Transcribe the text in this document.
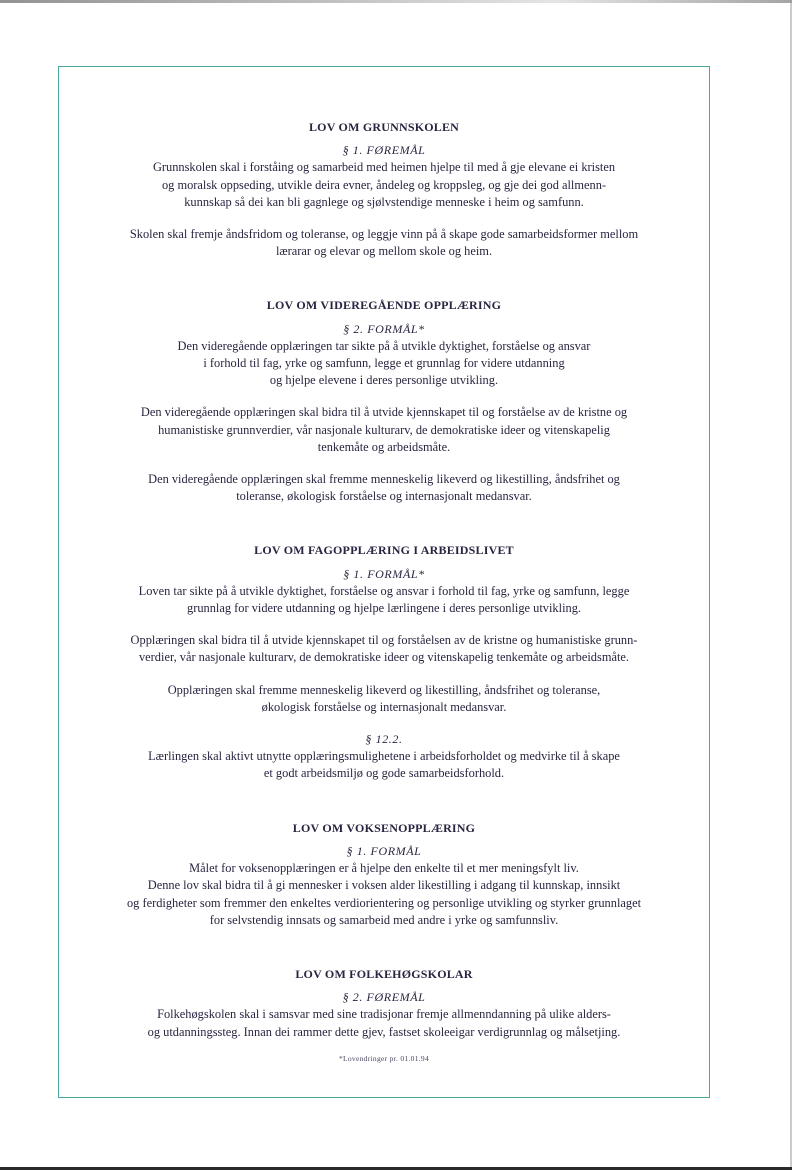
LOV OM GRUNNSKOLEN
§ 1. FØREMÅL
Grunnskolen skal i forståing og samarbeid med heimen hjelpe til med å gje elevane ei kristen
og moralsk oppseding, utvikle deira evner, åndeleg og kroppsleg, og gje dei god allmenn-
kunnskap så dei kan bli gagnlege og sjølvstendige menneske i heim og samfunn.
Skolen skal fremje åndsfridom og toleranse, og leggje vinn på å skape gode samarbeidsformer mellom
lærarar og elevar og mellom skole og heim.
LOV OM VIDEREGÅENDE OPPLÆRING
§ 2. FORMÅL*
Den videregående opplæringen tar sikte på å utvikle dyktighet, forståelse og ansvar
i forhold til fag, yrke og samfunn, legge et grunnlag for videre utdanning
og hjelpe elevene i deres personlige utvikling.
Den videregående opplæringen skal bidra til å utvide kjennskapet til og forståelse av de kristne og
humanistiske grunnverdier, vår nasjonale kulturarv, de demokratiske ideer og vitenskapelig
tenkemåte og arbeidsmåte.
Den videregående opplæringen skal fremme menneskelig likeverd og likestilling, åndsfrihet og
toleranse, økologisk forståelse og internasjonalt medansvar.
LOV OM FAGOPPLÆRING I ARBEIDSLIVET
§ 1. FORMÅL*
Loven tar sikte på å utvikle dyktighet, forståelse og ansvar i forhold til fag, yrke og samfunn, legge
grunnlag for videre utdanning og hjelpe lærlingene i deres personlige utvikling.
Opplæringen skal bidra til å utvide kjennskapet til og forståelsen av de kristne og humanistiske grunn-
verdier, vår nasjonale kulturarv, de demokratiske ideer og vitenskapelig tenkemåte og arbeidsmåte.
Opplæringen skal fremme menneskelig likeverd og likestilling, åndsfrihet og toleranse,
økologisk forståelse og internasjonalt medansvar.
§ 12.2.
Lærlingen skal aktivt utnytte opplæringsmulighetene i arbeidsforholdet og medvirke til å skape
et godt arbeidsmiljø og gode samarbeidsforhold.
LOV OM VOKSENOPPLÆRING
§ 1. FORMÅL
Målet for voksenopplæringen er å hjelpe den enkelte til et mer meningsfylt liv.
Denne lov skal bidra til å gi mennesker i voksen alder likestilling i adgang til kunnskap, innsikt
og ferdigheter som fremmer den enkeltes verdiorientering og personlige utvikling og styrker grunnlaget
for selvstendig innsats og samarbeid med andre i yrke og samfunnsliv.
LOV OM FOLKEHØGSKOLAR
§ 2. FØREMÅL
Folkehøgskolen skal i samsvar med sine tradisjonar fremje allmenndanning på ulike alders-
og utdanningssteg. Innan dei rammer dette gjev, fastset skoleeigar verdigrunnlag og målsetjing.
*Lovendringer pr. 01.01.94
